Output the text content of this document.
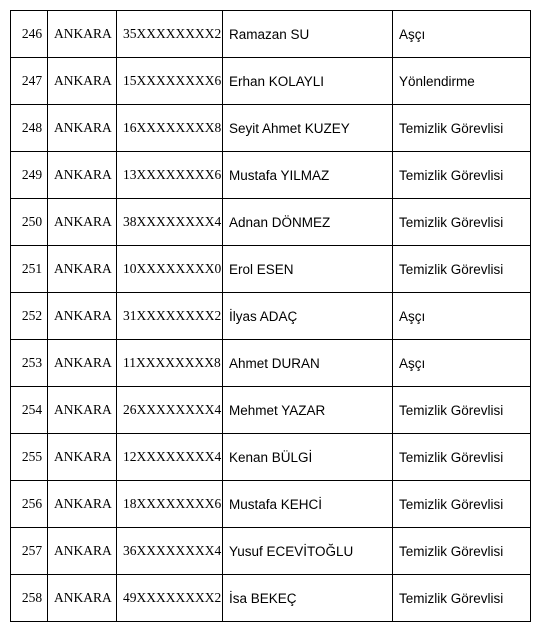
246	ANKARA	35XXXXXXXX2	Ramazan SU	Aşçı
247	ANKARA	15XXXXXXXX6	Erhan KOLAYLI	Yönlendirme
248	ANKARA	16XXXXXXXX8	Seyit Ahmet KUZEY	Temizlik Görevlisi
249	ANKARA	13XXXXXXXX6	Mustafa YILMAZ	Temizlik Görevlisi
250	ANKARA	38XXXXXXXX4	Adnan DÖNMEZ	Temizlik Görevlisi
251	ANKARA	10XXXXXXXX0	Erol ESEN	Temizlik Görevlisi
252	ANKARA	31XXXXXXXX2	İlyas ADAÇ	Aşçı
253	ANKARA	11XXXXXXXX8	Ahmet DURAN	Aşçı
254	ANKARA	26XXXXXXXX4	Mehmet YAZAR	Temizlik Görevlisi
255	ANKARA	12XXXXXXXX4	Kenan BÜLGİ	Temizlik Görevlisi
256	ANKARA	18XXXXXXXX6	Mustafa KEHCİ	Temizlik Görevlisi
257	ANKARA	36XXXXXXXX4	Yusuf ECEVİTOĞLU	Temizlik Görevlisi
258	ANKARA	49XXXXXXXX2	İsa BEKEÇ	Temizlik Görevlisi
